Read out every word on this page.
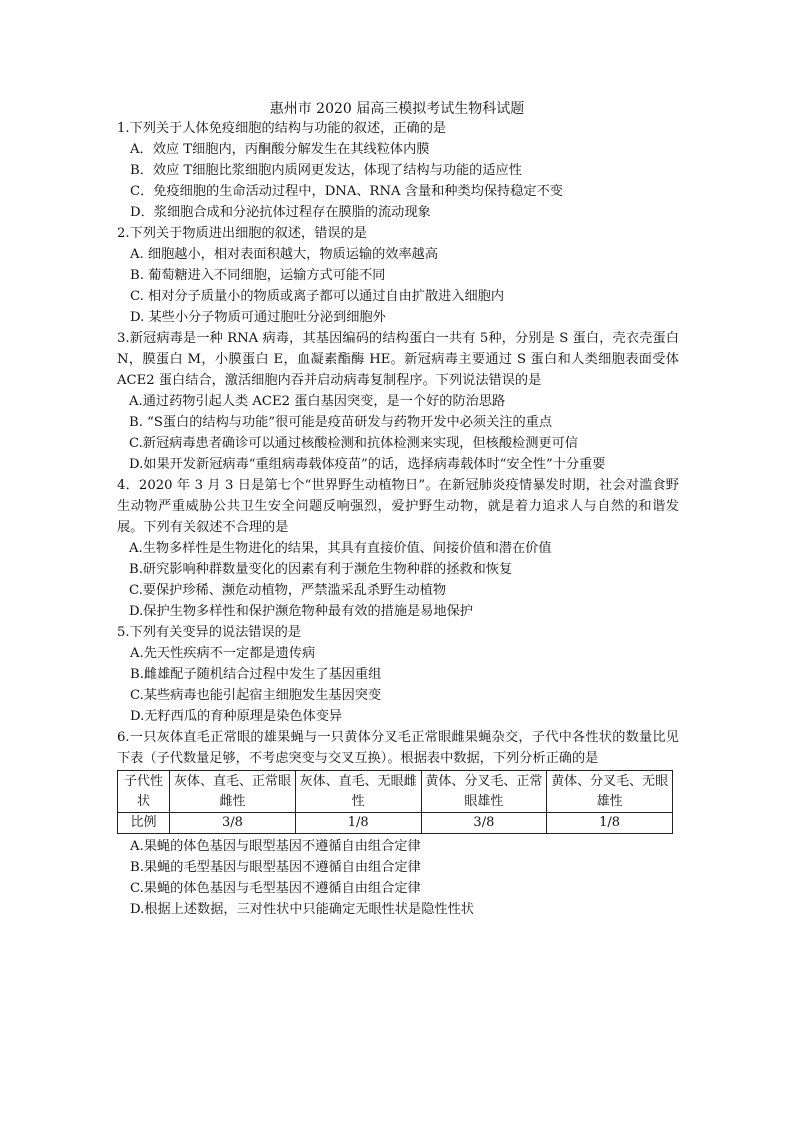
惠州市 2020 届高三模拟考试生物科试题

1.下列关于人体免疫细胞的结构与功能的叙述，正确的是

A．效应 T细胞内，丙酮酸分解发生在其线粒体内膜

B．效应 T细胞比浆细胞内质网更发达，体现了结构与功能的适应性

C．免疫细胞的生命活动过程中，DNA、RNA 含量和种类均保持稳定不变

D．浆细胞合成和分泌抗体过程存在膜脂的流动现象

2.下列关于物质进出细胞的叙述，错误的是

A. 细胞越小，相对表面积越大，物质运输的效率越高

B. 葡萄糖进入不同细胞，运输方式可能不同

C. 相对分子质量小的物质或离子都可以通过自由扩散进入细胞内

D. 某些小分子物质可通过胞吐分泌到细胞外

3.新冠病毒是一种 RNA 病毒，其基因编码的结构蛋白一共有 5种，分别是 S 蛋白，壳衣壳蛋白 N，膜蛋白 M，小膜蛋白 E，血凝素酯酶 HE。新冠病毒主要通过 S 蛋白和人类细胞表面受体 ACE2 蛋白结合，激活细胞内吞并启动病毒复制程序。下列说法错误的是

A.通过药物引起人类 ACE2 蛋白基因突变，是一个好的防治思路

B. “S蛋白的结构与功能”很可能是疫苗研发与药物开发中必须关注的重点

C.新冠病毒患者确诊可以通过核酸检测和抗体检测来实现，但核酸检测更可信

D.如果开发新冠病毒“重组病毒载体疫苗”的话，选择病毒载体时“安全性”十分重要

4．2020 年 3 月 3 日是第七个“世界野生动植物日”。在新冠肺炎疫情暴发时期，社会对滥食野生动物严重威胁公共卫生安全问题反响强烈，爱护野生动物，就是着力追求人与自然的和谐发展。下列有关叙述不合理的是

A.生物多样性是生物进化的结果，其具有直接价值、间接价值和潜在价值

B.研究影响种群数量变化的因素有利于濒危生物种群的拯救和恢复

C.要保护珍稀、濒危动植物，严禁滥采乱杀野生动植物

D.保护生物多样性和保护濒危物种最有效的措施是易地保护

5.下列有关变异的说法错误的是

A.先天性疾病不一定都是遗传病

B.雌雄配子随机结合过程中发生了基因重组

C.某些病毒也能引起宿主细胞发生基因突变

D.无籽西瓜的育种原理是染色体变异

6.一只灰体直毛正常眼的雄果蝇与一只黄体分叉毛正常眼雌果蝇杂交，子代中各性状的数量比见下表（子代数量足够，不考虑突变与交叉互换）。根据表中数据，下列分析正确的是

子代性状	灰体、直毛、正常眼雌性	灰体、直毛、无眼雌性	黄体、分叉毛、正常眼雄性	黄体、分叉毛、无眼雄性
比例	3/8	1/8	3/8	1/8

A.果蝇的体色基因与眼型基因不遵循自由组合定律

B.果蝇的毛型基因与眼型基因不遵循自由组合定律

C.果蝇的体色基因与毛型基因不遵循自由组合定律

D.根据上述数据，三对性状中只能确定无眼性状是隐性性状
